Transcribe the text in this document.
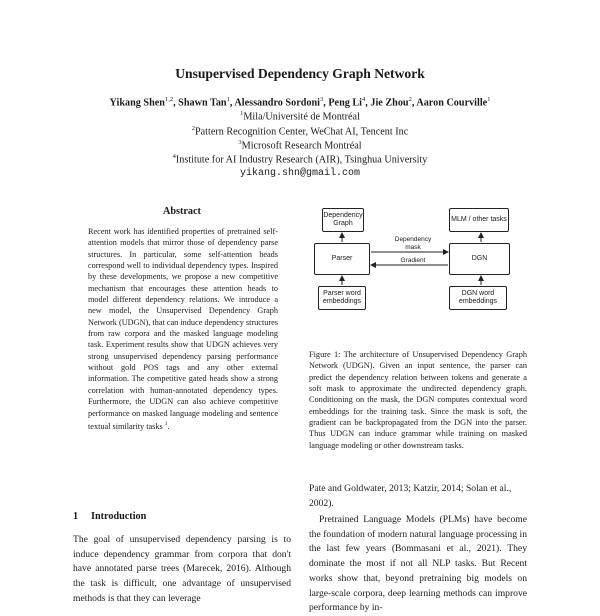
Unsupervised Dependency Graph Network
Yikang Shen$^{1,2}$, Shawn Tan$^1$, Alessandro Sordoni$^3$, Peng Li$^4$, Jie Zhou$^2$, Aaron Courville$^1$
$^1$Mila/Université de Montréal
$^2$Pattern Recognition Center, WeChat AI, Tencent Inc
$^3$Microsoft Research Montréal
$^4$Institute for AI Industry Research (AIR), Tsinghua University
yikang.shn@gmail.com
Abstract
Recent work has identified properties of pretrained self-attention models that mirror those of dependency parse structures. In particular, some self-attention heads correspond well to individual dependency types. Inspired by these developments, we propose a new competitive mechanism that encourages these attention heads to model different dependency relations. We introduce a new model, the Unsupervised Dependency Graph Network (UDGN), that can induce dependency structures from raw corpora and the masked language modeling task. Experiment results show that UDGN achieves very strong unsupervised dependency parsing performance without gold POS tags and any other external information. The competitive gated heads show a strong correlation with human-annotated dependency types. Furthermore, the UDGN can also achieve competitive performance on masked language modeling and sentence textual similarity tasks $^1$.
1 Introduction
The goal of unsupervised dependency parsing is to induce dependency grammar from corpora that don't have annotated parse trees (Marecek, 2016). Although the task is difficult, one advantage of unsupervised methods is that they can leverage
Dependency Graph
MLM / other tasks
Parser	DGN
Parser word embeddings
DGN word embeddings
Dependency mask
Gradient
Figure 1: The architecture of Unsupervised Dependency Graph Network (UDGN). Given an input sentence, the parser can predict the dependency relation between tokens and generate a soft mask to approximate the undirected dependency graph. Conditioning on the mask, the DGN computes contextual word embeddings for the training task. Since the mask is soft, the gradient can be backpropagated from the DGN into the parser. Thus UDGN can induce grammar while training on masked language modeling or other downstream tasks.
Pate and Goldwater, 2013; Katzir, 2014; Solan et al., 2002).
Pretrained Language Models (PLMs) have become the foundation of modern natural language processing in the last few years (Bommasani et al., 2021). They dominate the most if not all NLP tasks. But Recent works show that, beyond pretraining big models on large-scale corpora, deep learning methods can improve performance by in-
